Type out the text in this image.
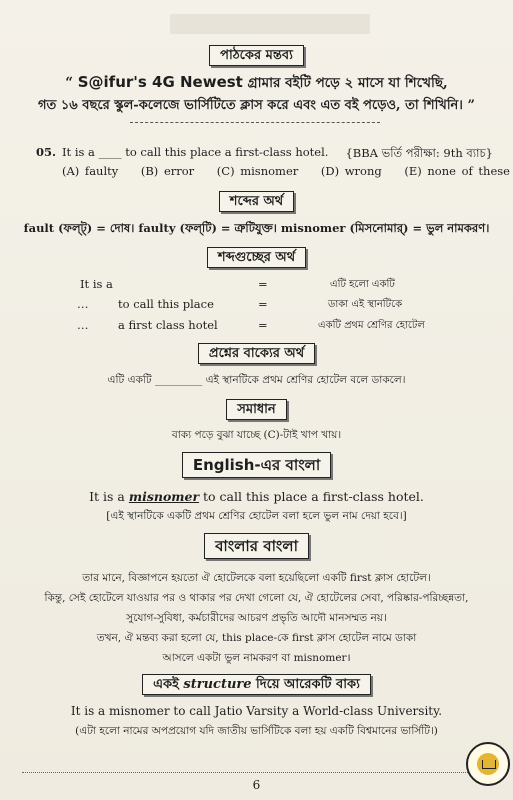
পাঠকের মন্তব্য
“ S@ifur's 4G Newest গ্রামার বইটি পড়ে ২ মাসে যা শিখেছি,
গত ১৬ বছরে স্কুল-কলেজে ভার্সিটিতে ক্লাস করে এবং এত বই পড়েও, তা শিখিনি। ”
05. It is a ____ to call this place a first-class hotel. {BBA ভর্তি পরীক্ষা: 9th ব্যাচ}
(A) faulty    (B) error    (C) misnomer    (D) wrong    (E) none of these
শব্দের অর্থ
fault (ফল্‌ট্) = দোষ। faulty (ফল্‌টি) = ত্রুটিযুক্ত। misnomer (মিসনোমার্) = ভুল নামকরণ।
শব্দগুচ্ছের অর্থ
It is a	=	এটি হলো একটি
…	to call this place	=	ডাকা এই স্থানটিকে
…	a first class hotel	=	একটি প্রথম শ্রেণির হোটেল
প্রশ্নের বাক্যের অর্থ
এটি একটি _________ এই স্থানটিকে প্রথম শ্রেণির হোটেল বলে ডাকলে।
সমাধান
বাক্য পড়ে বুঝা যাচ্ছে (C)-টাই খাপ খায়।
English-এর বাংলা
It is a misnomer to call this place a first-class hotel.
[এই স্থানটিকে একটি প্রথম শ্রেণির হোটেল বলা হলে ভুল নাম দেয়া হবে।]
বাংলার বাংলা
তার মানে, বিজ্ঞাপনে হয়তো ঐ হোটেলকে বলা হয়েছিলো একটি first ক্লাস হোটেল।
কিন্তু, সেই হোটেলে যাওয়ার পর ও থাকার পর দেখা গেলো যে, ঐ হোটেলের সেবা, পরিষ্কার-পরিচ্ছন্নতা,
সুযোগ-সুবিধা, কর্মচারীদের আচরণ প্রভৃতি আদৌ মানসম্মত নয়।
তখন, ঐ মন্তব্য করা হলো যে, this place-কে first ক্লাস হোটেল নামে ডাকা
আসলে একটা ভুল নামকরণ বা misnomer।
একই structure দিয়ে আরেকটি বাক্য
It is a misnomer to call Jatio Varsity a World-class University.
(এটা হলো নামের অপপ্রয়োগ যদি জাতীয় ভার্সিটিকে বলা হয় একটি বিশ্বমানের ভার্সিটি।)
6
